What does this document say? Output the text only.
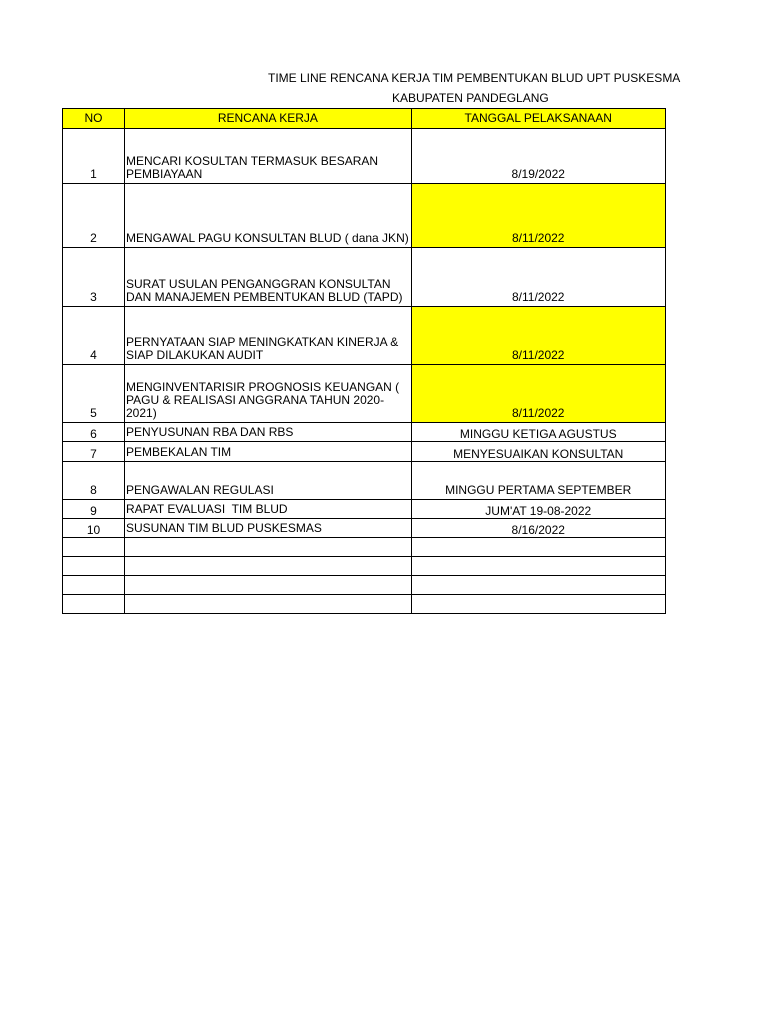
TIME LINE RENCANA KERJA TIM PEMBENTUKAN BLUD UPT PUSKESMA
KABUPATEN PANDEGLANG
NO	RENCANA KERJA	TANGGAL PELAKSANAAN
1	MENCARI KOSULTAN TERMASUK BESARAN PEMBIAYAAN	8/19/2022
2	MENGAWAL PAGU KONSULTAN BLUD ( dana JKN)	8/11/2022
3	SURAT USULAN PENGANGGRAN KONSULTAN DAN MANAJEMEN PEMBENTUKAN BLUD (TAPD)	8/11/2022
4	PERNYATAAN SIAP MENINGKATKAN KINERJA & SIAP DILAKUKAN AUDIT	8/11/2022
5	MENGINVENTARISIR PROGNOSIS KEUANGAN ( PAGU & REALISASI ANGGRANA TAHUN 2020-2021)	8/11/2022
6	PENYUSUNAN RBA DAN RBS	MINGGU KETIGA AGUSTUS
7	PEMBEKALAN TIM	MENYESUAIKAN KONSULTAN
8	PENGAWALAN REGULASI	MINGGU PERTAMA SEPTEMBER
9	RAPAT EVALUASI  TIM BLUD	JUM'AT 19-08-2022
10	SUSUNAN TIM BLUD PUSKESMAS	8/16/2022
